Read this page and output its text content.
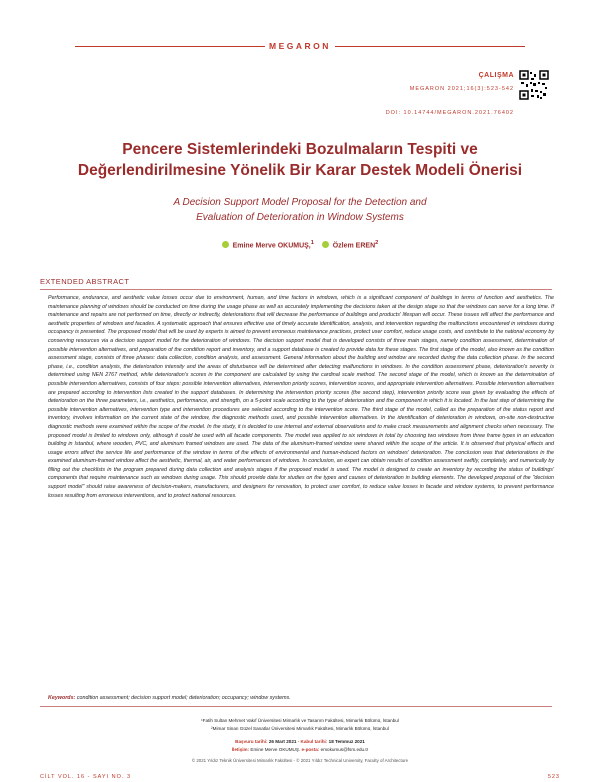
MEGARON
ÇALIŞMA
MEGARON 2021;16(3):523-542
DOI: 10.14744/MEGARON.2021.76402
Pencere Sistemlerindeki Bozulmaların Tespiti ve
Değerlendirilmesine Yönelik Bir Karar Destek Modeli Önerisi
A Decision Support Model Proposal for the Detection and
Evaluation of Deterioration in Window Systems
Emine Merve OKUMUŞ,$^1$	Özlem EREN$^2$
EXTENDED ABSTRACT
Performance, endurance, and aesthetic value losses occur due to environment, human, and time factors in windows, which is a significant component of buildings in terms of function and aesthetics. The maintenance planning of windows should be conducted on time during the usage phase as well as accurately implementing the decisions taken at the design stage so that the windows can serve for a long time. If maintenance and repairs are not performed on time, directly or indirectly, deteriorations that will decrease the performance of buildings and products' lifespan will occur. These issues will affect the performance and aesthetic properties of windows and facades. A systematic approach that ensures effective use of timely accurate identification, analysis, and intervention regarding the malfunctions encountered in windows during occupancy is presented. The proposed model that will be used by experts is aimed to prevent erroneous maintenance practices, protect user comfort, reduce usage costs, and contribute to the national economy by conserving resources via a decision support model for the deterioration of windows. The decision support model that is developed consists of three main stages, namely condition assessment, determination of possible intervention alternatives, and preparation of the condition report and inventory, and a support database is created to provide data for these stages. The first stage of the model, also known as the condition assessment stage, consists of three phases: data collection, condition analysis, and assessment. General information about the building and window are recorded during the data collection phase. In the second phase, i.e., condition analysis, the deterioration intensity and the areas of disturbance will be determined after detecting malfunctions in windows. In the condition assessment phase, deterioration's severity is determined using NEN 2767 method, while deterioration's scores in the component are calculated by using the cardinal scale method. The second stage of the model, which is known as the determination of possible intervention alternatives, consists of four steps: possible intervention alternatives, intervention priority scores, intervention scores, and appropriate intervention alternatives. Possible intervention alternatives are prepared according to intervention lists created in the support databases. In determining the intervention priority scores (the second step), intervention priority score was given by evaluating the effects of deterioration on the three parameters, i.e., aesthetics, performance, and strength, on a 5-point scale according to the type of deterioration and the component in which it is located. In the last step of determining the possible intervention alternatives, intervention type and intervention procedures are selected according to the intervention score. The third stage of the model, called as the preparation of the status report and inventory, involves information on the current state of the window, the diagnostic methods used, and possible intervention alternatives. In the identification of deterioration in windows, on-site non-destructive diagnostic methods were examined within the scope of the model. In the study, it is decided to use internal and external observations and to make crack measurements and alignment checks when necessary. The proposed model is limited to windows only, although it could be used with all facade components. The model was applied to six windows in total by choosing two windows from three frame types in an education building in Istanbul, where wooden, PVC, and aluminum framed windows are used. The data of the aluminum-framed window were shared within the scope of the article. It is observed that physical effects and usage errors affect the service life and performance of the window in terms of the effects of environmental and human-induced factors on windows' deterioration. The conclusion was that deteriorations in the examined aluminum-framed window affect the aesthetic, thermal, air, and water performances of windows. In conclusion, an expert can obtain results of condition assessment swiftly, completely, and numerically by filling out the checklists in the program prepared during data collection and analysis stages if the proposed model is used. The model is designed to create an inventory by recording the status of buildings' components that require maintenance such as windows during usage. This should provide data for studies on the types and causes of deterioration in building elements. The developed proposal of the "decision support model" should raise awareness of decision-makers, manufacturers, and designers for renovation, to protect user comfort, to reduce value losses in facade and window systems, to prevent performance losses resulting from erroneous interventions, and to protect national resources.
Keywords: condition assessment; decision support model; deterioration; occupancy; window systems.
¹Fatih Sultan Mehmet Vakıf Üniversitesi Mimarlık ve Tasarım Fakültesi, Mimarlık Bölümü, İstanbul
²Mimar Sinan Güzel Sanatlar Üniversitesi Mimarlık Fakültesi, Mimarlık Bölümü, İstanbul
Başvuru tarihi: 26 Mart 2021 - Kabul tarihi: 18 Temmuz 2021
İletişim: Emine Merve OKUMUŞ. e-posta: emokumus@fsm.edu.tr
© 2021 Yıldız Teknik Üniversitesi Mimarlık Fakültesi - © 2021 Yıldız Technical University, Faculty of Architecture
CİLT VOL. 16 - SAYI NO. 3	523
